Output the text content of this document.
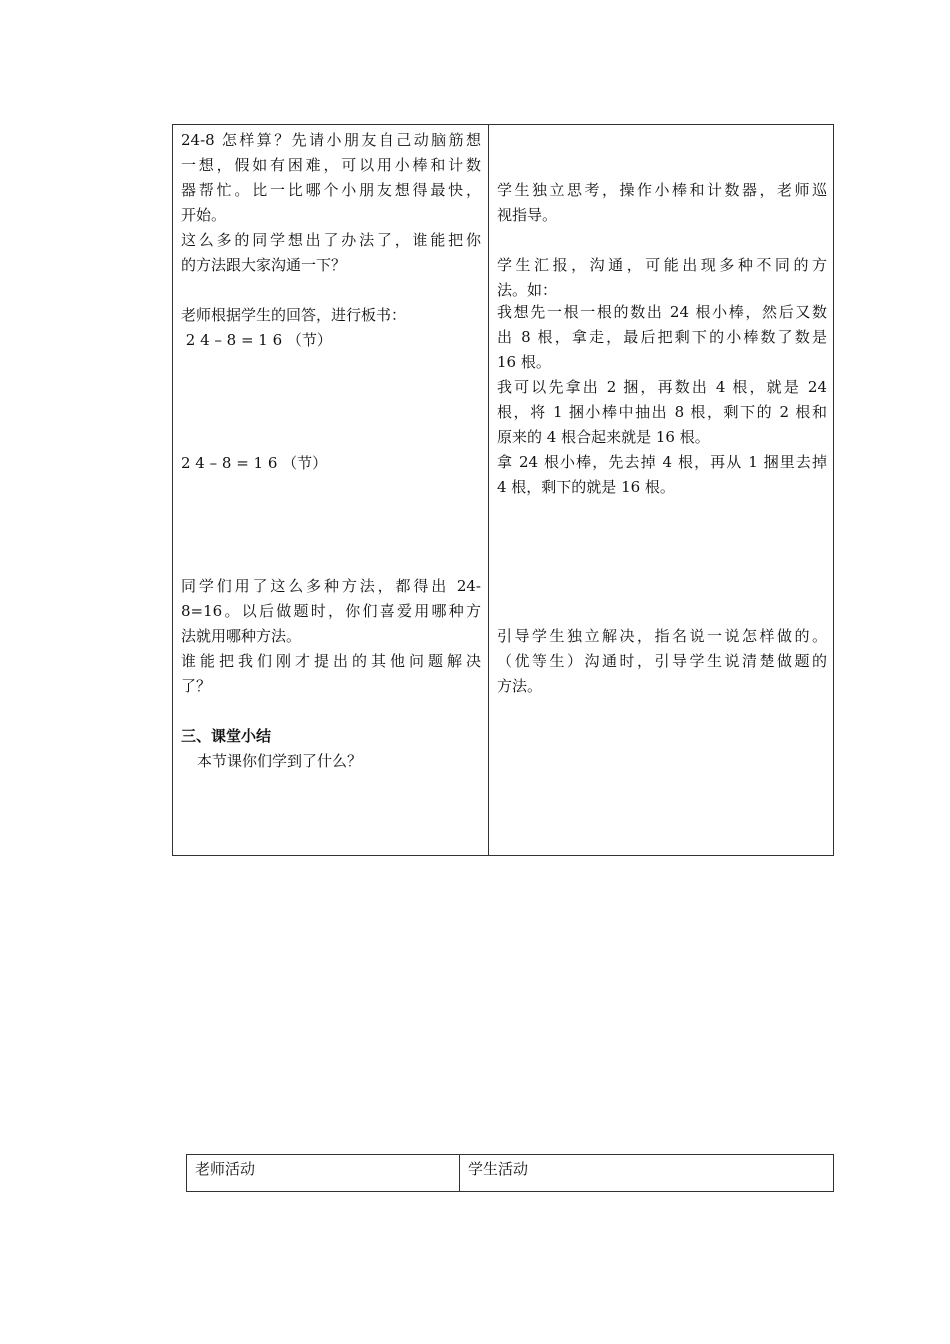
24-8 怎样算？先请小朋友自己动脑筋想
一想，假如有困难，可以用小棒和计数
器帮忙。比一比哪个小朋友想得最快，
开始。
这么多的同学想出了办法了，谁能把你
的方法跟大家沟通一下？
老师根据学生的回答，进行板书：
2 4 – 8 = 1 6 （节）
2 4 – 8 = 1 6 （节）
同学们用了这么多种方法，都得出 24-
8=16。以后做题时，你们喜爱用哪种方
法就用哪种方法。
谁能把我们刚才提出的其他问题解决
了？
三、课堂小结
本节课你们学到了什么？
学生独立思考，操作小棒和计数器，老师巡
视指导。
学生汇报，沟通，可能出现多种不同的方
法。如：
我想先一根一根的数出 24 根小棒，然后又数
出 8 根，拿走，最后把剩下的小棒数了数是
16 根。
我可以先拿出 2 捆，再数出 4 根，就是 24
根，将 1 捆小棒中抽出 8 根，剩下的 2 根和
原来的 4 根合起来就是 16 根。
拿 24 根小棒，先去掉 4 根，再从 1 捆里去掉
4 根，剩下的就是 16 根。
引导学生独立解决，指名说一说怎样做的。
（优等生）沟通时，引导学生说清楚做题的
方法。
老师活动	学生活动
